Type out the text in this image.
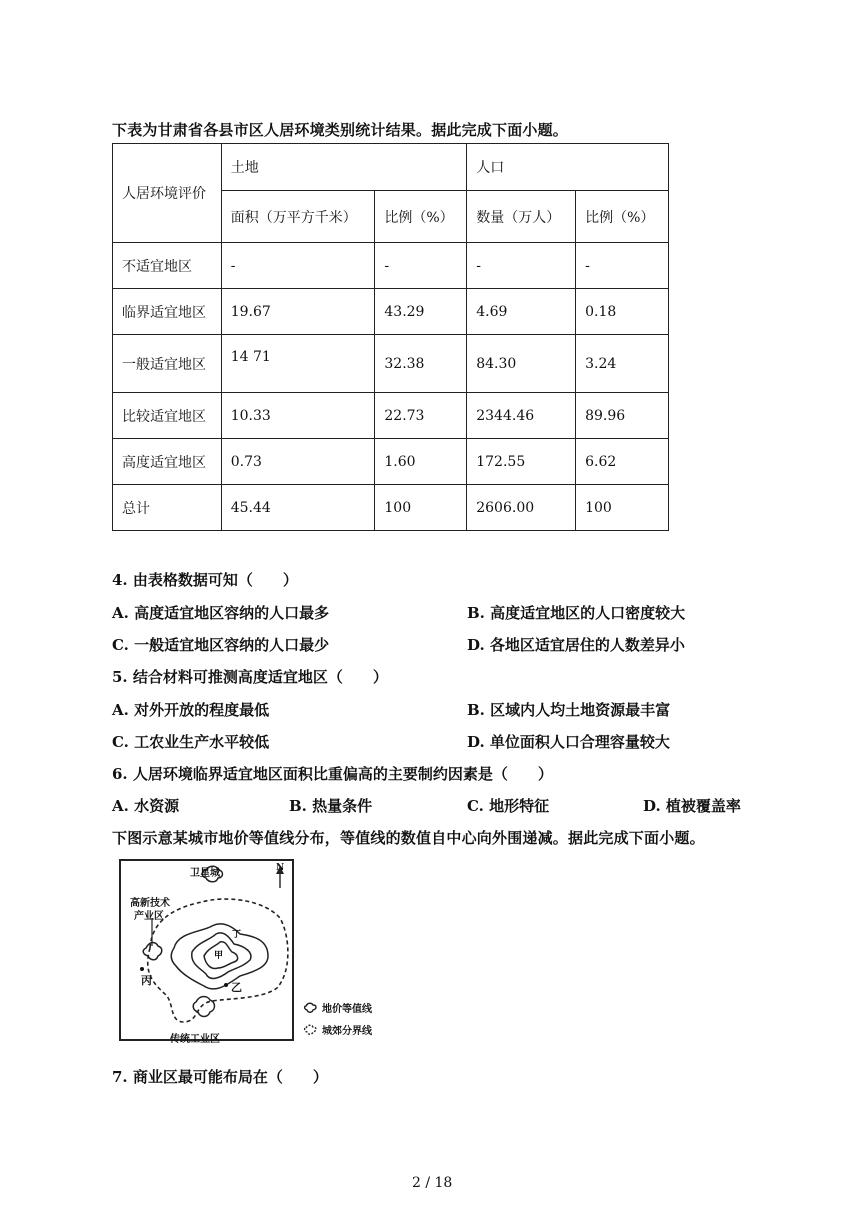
下表为甘肃省各县市区人居环境类别统计结果。据此完成下面小题。
人居环境评价	土地		人口	
	面积（万平方千米）	比例（%）	数量（万人）	比例（%）
不适宜地区	-	-	-	-
临界适宜地区	19.67	43.29	4.69	0.18
一般适宜地区	14 71	32.38	84.30	3.24
比较适宜地区	10.33	22.73	2344.46	89.96
高度适宜地区	0.73	1.60	172.55	6.62
总计	45.44	100	2606.00	100
4. 由表格数据可知（　　）
A. 高度适宜地区容纳的人口最多	B. 高度适宜地区的人口密度较大
C. 一般适宜地区容纳的人口最少	D. 各地区适宜居住的人数差异小
5. 结合材料可推测高度适宜地区（　　）
A. 对外开放的程度最低	B. 区域内人均土地资源最丰富
C. 工农业生产水平较低	D. 单位面积人口合理容量较大
6. 人居环境临界适宜地区面积比重偏高的主要制约因素是（　　）
A. 水资源	B. 热量条件	C. 地形特征	D. 植被覆盖率
下图示意某城市地价等值线分布，等值线的数值自中心向外围递减。据此完成下面小题。
卫星城
高新技术
产业区
N
甲
乙
丙
丁
传统工业区
地价等值线
城郊分界线
7. 商业区最可能布局在（　　）
2 / 18
